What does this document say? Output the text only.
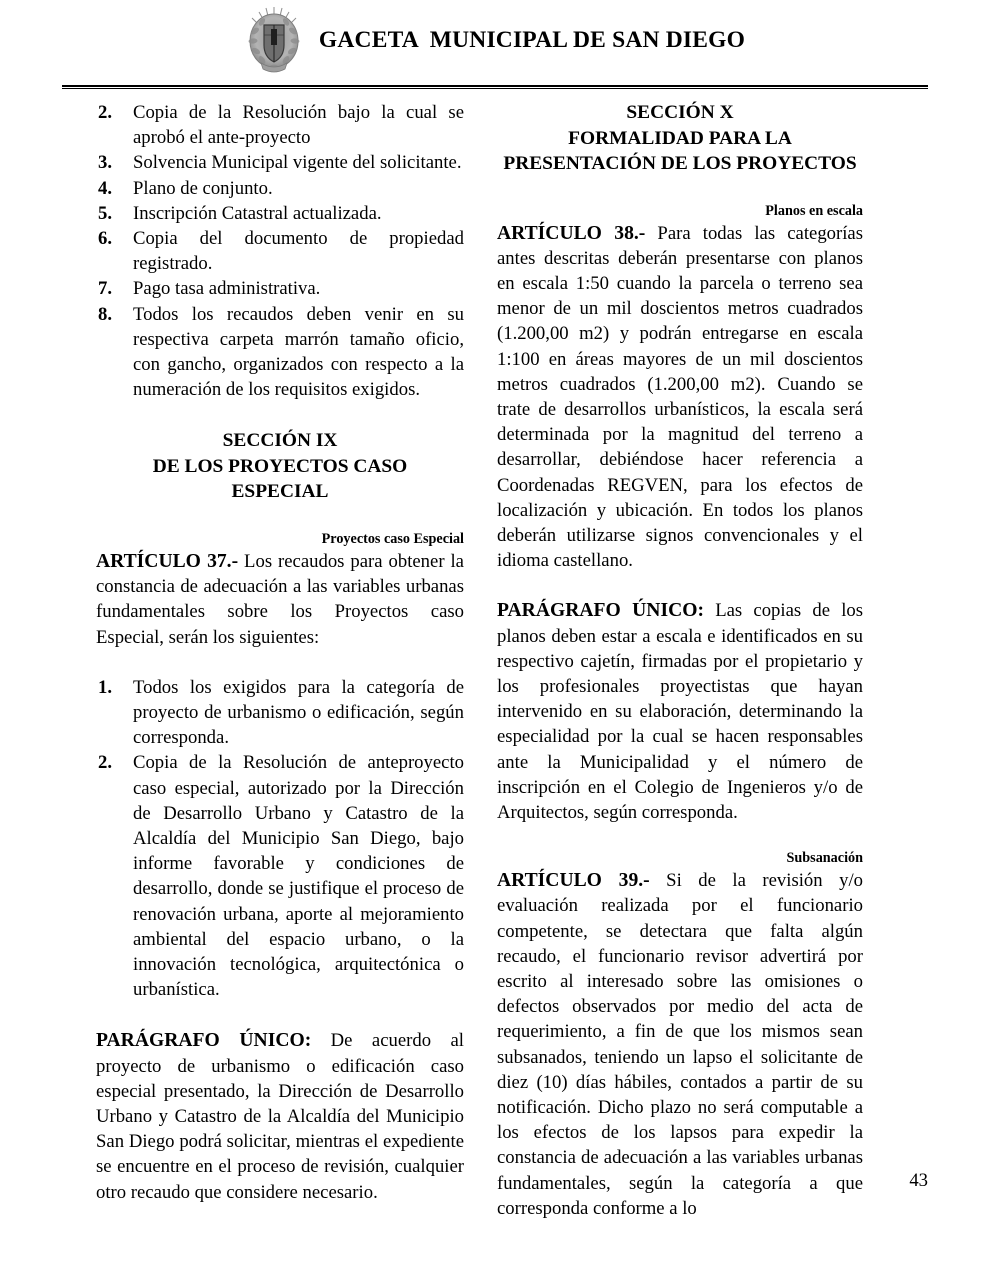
GACETA  MUNICIPAL DE SAN DIEGO
2.	Copia de la Resolución bajo la cual se aprobó el ante-proyecto
3.	Solvencia Municipal vigente del solicitante.
4.	Plano de conjunto.
5.	Inscripción Catastral actualizada.
6.	Copia del documento de propiedad registrado.
7.	Pago tasa administrativa.
8.	Todos los recaudos deben venir en su respectiva carpeta marrón tamaño oficio, con gancho, organizados con respecto a la numeración de los requisitos exigidos.
SECCIÓN IX
DE LOS PROYECTOS CASO
ESPECIAL
Proyectos caso Especial

ARTÍCULO 37.- Los recaudos para obtener la constancia de adecuación a las variables urbanas fundamentales sobre los Proyectos caso Especial, serán los siguientes:

1.	Todos los exigidos para la categoría de proyecto de urbanismo o edificación, según corresponda.
2.	Copia de la Resolución de anteproyecto caso especial, autorizado por la Dirección de Desarrollo Urbano y Catastro de la Alcaldía del Municipio San Diego, bajo informe favorable y condiciones de desarrollo, donde se justifique el proceso de renovación urbana, aporte al mejoramiento ambiental del espacio urbano, o la innovación tecnológica, arquitectónica o urbanística.

PARÁGRAFO ÚNICO: De acuerdo al proyecto de urbanismo o edificación caso especial presentado, la Dirección de Desarrollo Urbano y Catastro de la Alcaldía del Municipio San Diego podrá solicitar, mientras el expediente se encuentre en el proceso de revisión, cualquier otro recaudo que considere necesario.

SECCIÓN X
FORMALIDAD PARA LA
PRESENTACIÓN DE LOS PROYECTOS
Planos en escala

ARTÍCULO 38.- Para todas las categorías antes descritas deberán presentarse con planos en escala 1:50 cuando la parcela o terreno sea menor de un mil doscientos metros cuadrados (1.200,00 m2) y podrán entregarse en escala 1:100 en áreas mayores de un mil doscientos metros cuadrados (1.200,00 m2). Cuando se trate de desarrollos urbanísticos, la escala será determinada por la magnitud del terreno a desarrollar, debiéndose hacer referencia a Coordenadas REGVEN, para los efectos de localización y ubicación. En todos los planos deberán utilizarse signos convencionales y el idioma castellano.

PARÁGRAFO ÚNICO: Las copias de los planos deben estar a escala e identificados en su respectivo cajetín, firmadas por el propietario y los profesionales proyectistas que hayan intervenido en su elaboración, determinando la especialidad por la cual se hacen responsables ante la Municipalidad y el número de inscripción en el Colegio de Ingenieros y/o de Arquitectos, según corresponda.

Subsanación

ARTÍCULO 39.- Si de la revisión y/o evaluación realizada por el funcionario competente, se detectara que falta algún recaudo, el funcionario revisor advertirá por escrito al interesado sobre las omisiones o defectos observados por medio del acta de requerimiento, a fin de que los mismos sean subsanados, teniendo un lapso el solicitante de diez (10) días hábiles, contados a partir de su notificación. Dicho plazo no será computable a los efectos de los lapsos para expedir la constancia de adecuación a las variables urbanas fundamentales, según la categoría a que corresponda conforme a lo

43
